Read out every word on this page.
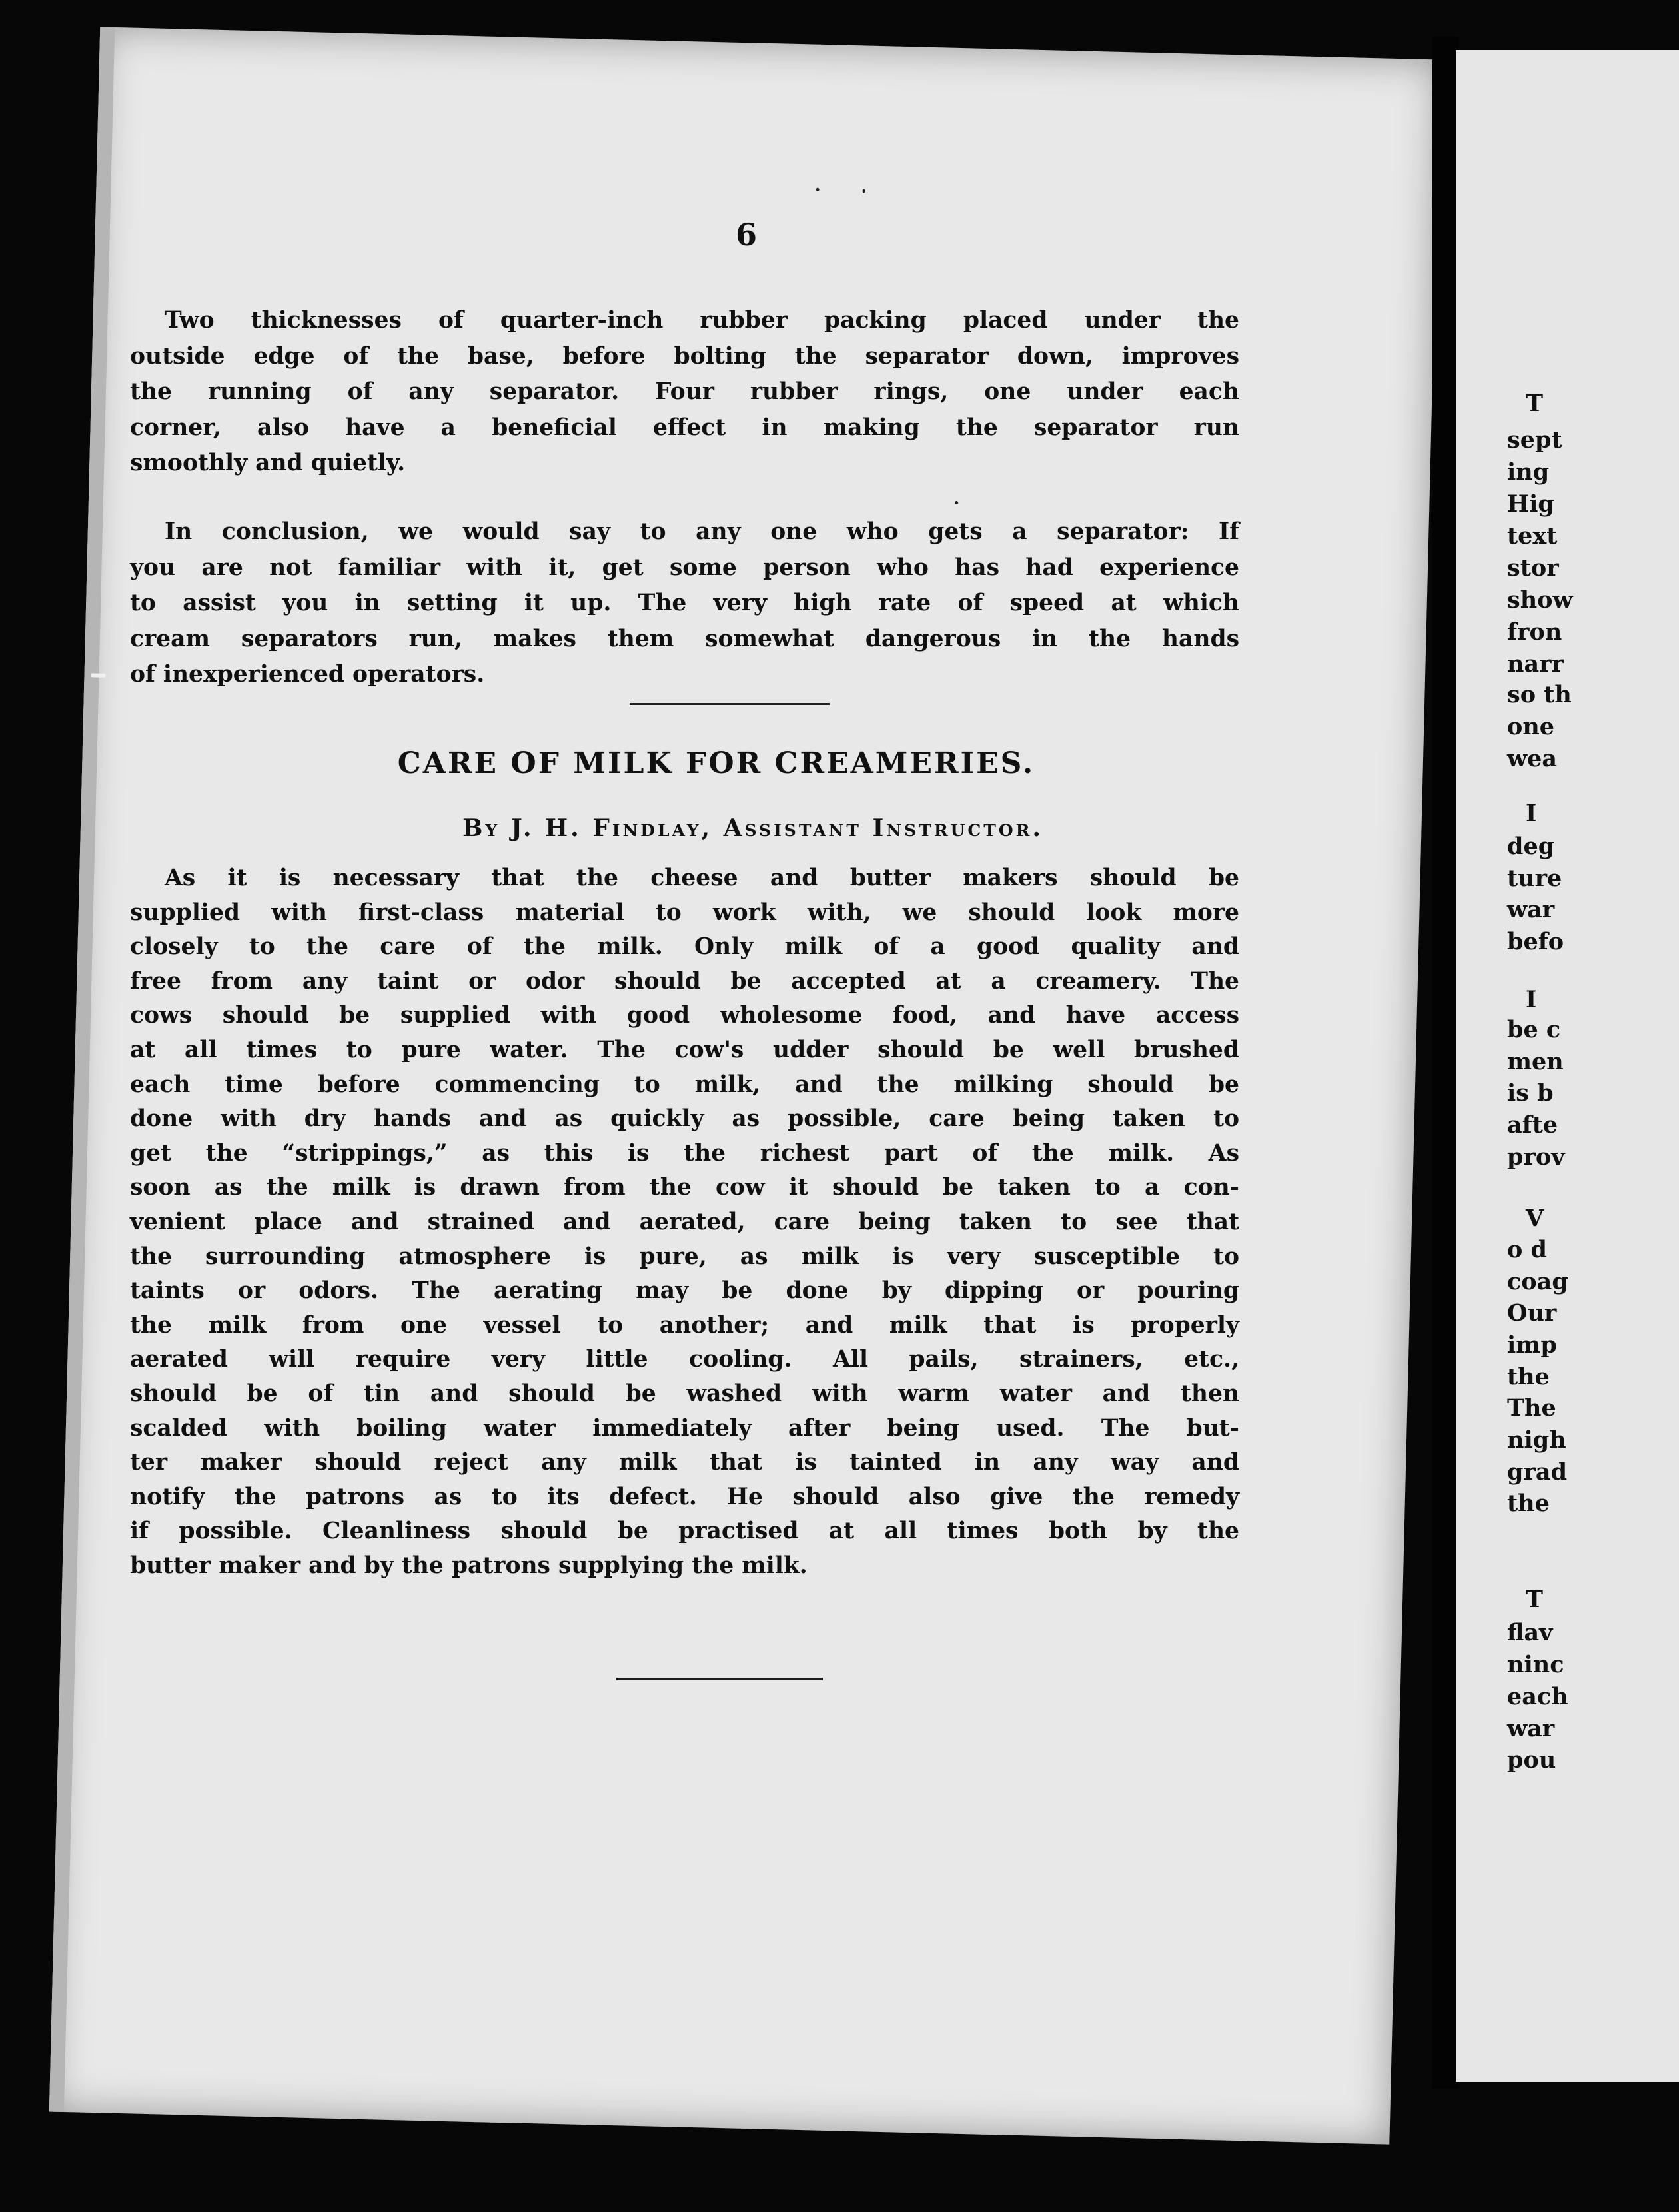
T
sept
ing
Hig
text
stor
show
fron
narr
so th
one
wea
I
deg
ture
war
befo
I
be c
men
is b
afte
prov
V
o d
coag
Our
imp
the
The
nigh
grad
the
T
flav
ninc
each
war
pou
6

Two thicknesses of quarter-inch rubber packing placed under the
outside edge of the base, before bolting the separator down, improves
the running of any separator. Four rubber rings, one under each
corner, also have a beneficial effect in making the separator run
smoothly and quietly.

In conclusion, we would say to any one who gets a separator: If
you are not familiar with it, get some person who has had experience
to assist you in setting it up. The very high rate of speed at which
cream separators run, makes them somewhat dangerous in the hands
of inexperienced operators.

CARE OF MILK FOR CREAMERIES.
By J. H. Findlay, Assistant Instructor.

As it is necessary that the cheese and butter makers should be
supplied with first-class material to work with, we should look more
closely to the care of the milk. Only milk of a good quality and
free from any taint or odor should be accepted at a creamery. The
cows should be supplied with good wholesome food, and have access
at all times to pure water. The cow's udder should be well brushed
each time before commencing to milk, and the milking should be
done with dry hands and as quickly as possible, care being taken to
get the “strippings,” as this is the richest part of the milk. As
soon as the milk is drawn from the cow it should be taken to a con-
venient place and strained and aerated, care being taken to see that
the surrounding atmosphere is pure, as milk is very susceptible to
taints or odors. The aerating may be done by dipping or pouring
the milk from one vessel to another; and milk that is properly
aerated will require very little cooling. All pails, strainers, etc.,
should be of tin and should be washed with warm water and then
scalded with boiling water immediately after being used. The but-
ter maker should reject any milk that is tainted in any way and
notify the patrons as to its defect. He should also give the remedy
if possible. Cleanliness should be practised at all times both by the
butter maker and by the patrons supplying the milk.
